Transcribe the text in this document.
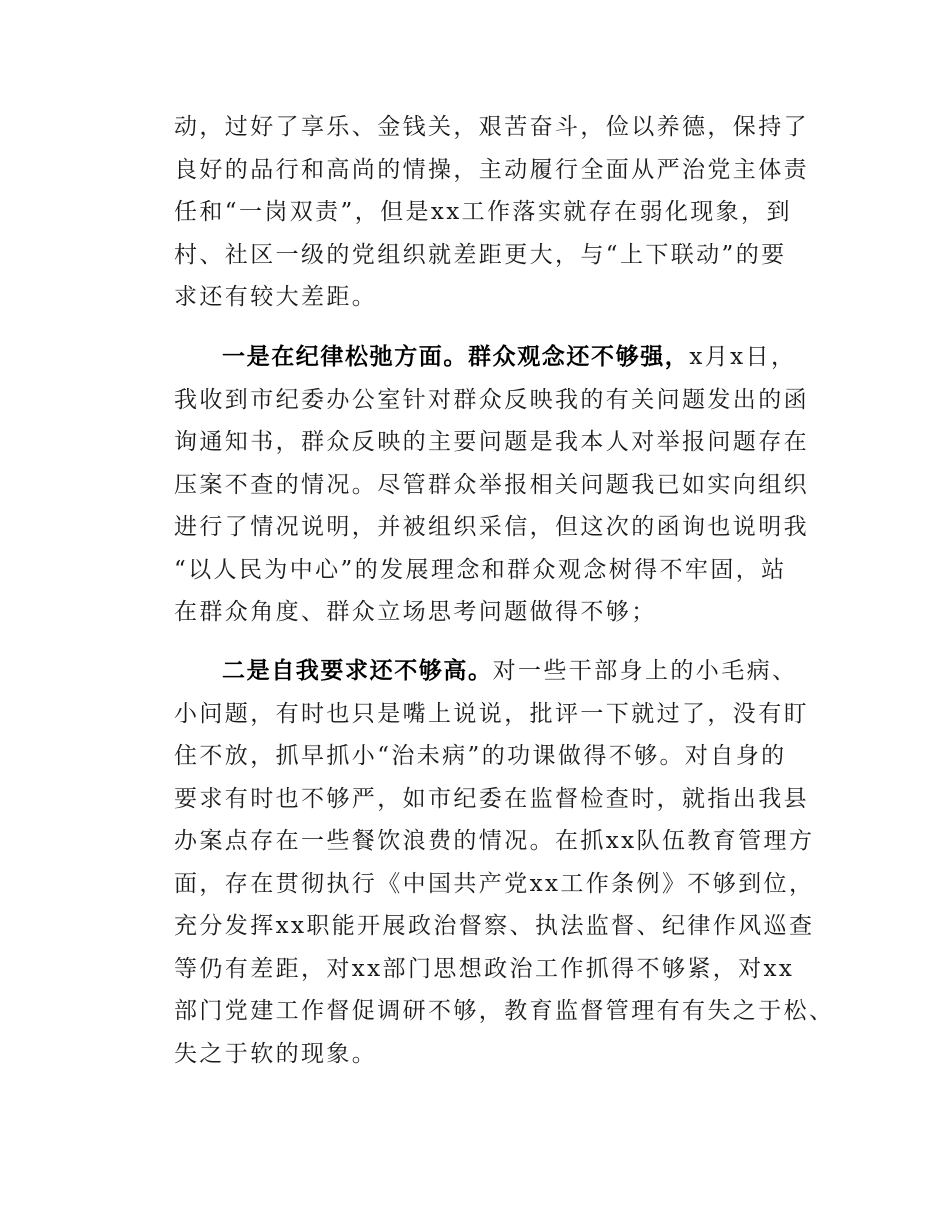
动，过好了享乐、金钱关，艰苦奋斗，俭以养德，保持了
良好的品行和高尚的情操，主动履行全面从严治党主体责
任和“一岗双责”，但是xx工作落实就存在弱化现象，到
村、社区一级的党组织就差距更大，与“上下联动”的要
求还有较大差距。
一是在纪律松弛方面。群众观念还不够强，x月x日，
我收到市纪委办公室针对群众反映我的有关问题发出的函
询通知书，群众反映的主要问题是我本人对举报问题存在
压案不查的情况。尽管群众举报相关问题我已如实向组织
进行了情况说明，并被组织采信，但这次的函询也说明我
“以人民为中心”的发展理念和群众观念树得不牢固，站
在群众角度、群众立场思考问题做得不够；
二是自我要求还不够高。对一些干部身上的小毛病、
小问题，有时也只是嘴上说说，批评一下就过了，没有盯
住不放，抓早抓小“治未病”的功课做得不够。对自身的
要求有时也不够严，如市纪委在监督检查时，就指出我县
办案点存在一些餐饮浪费的情况。在抓xx队伍教育管理方
面，存在贯彻执行《中国共产党xx工作条例》不够到位，
充分发挥xx职能开展政治督察、执法监督、纪律作风巡查
等仍有差距，对xx部门思想政治工作抓得不够紧，对xx
部门党建工作督促调研不够，教育监督管理有有失之于松、
失之于软的现象。
